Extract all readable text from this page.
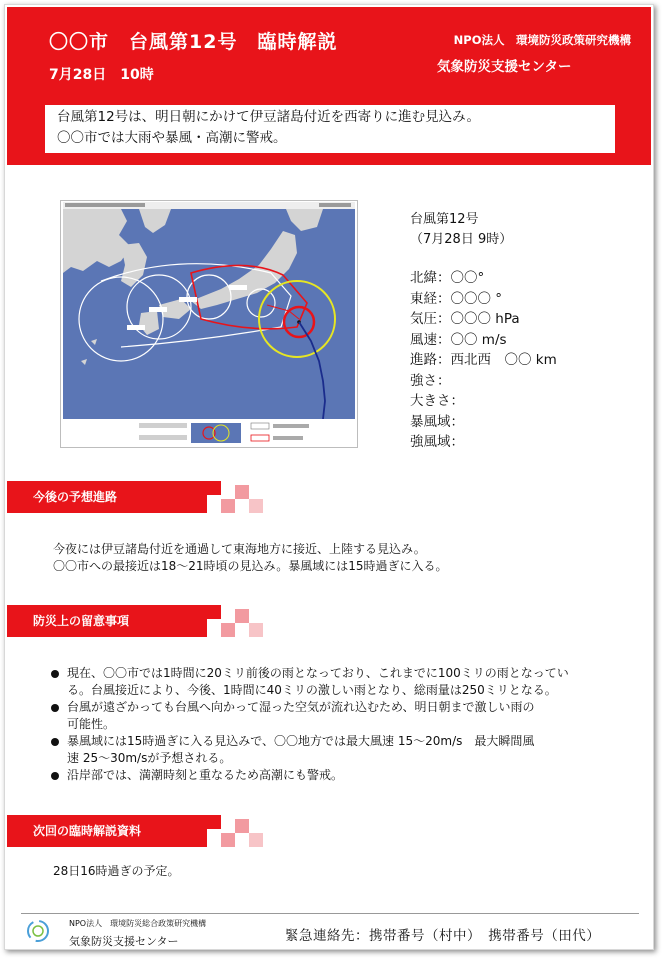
〇〇市　台風第12号　臨時解説
7月28日　10時
NPO法人　環境防災政策研究機構
気象防災支援センター
台風第12号は、明日朝にかけて伊豆諸島付近を西寄りに進む見込み。
〇〇市では大雨や暴風・高潮に警戒。
台風第12号
（7月28日 9時）
北緯：〇〇°
東経：〇〇〇 °
気圧：〇〇〇 hPa
風速：〇〇 m/s
進路：西北西　〇〇 km
強さ：
大きさ：
暴風域：
強風域：
今後の予想進路
今夜には伊豆諸島付近を通過して東海地方に接近、上陸する見込み。
〇〇市への最接近は18～21時頃の見込み。暴風域には15時過ぎに入る。
防災上の留意事項
現在、〇〇市では1時間に20ミリ前後の雨となっており、これまでに100ミリの雨となってい
る。台風接近により、今後、1時間に40ミリの激しい雨となり、総雨量は250ミリとなる。
台風が遠ざかっても台風へ向かって湿った空気が流れ込むため、明日朝まで激しい雨の
可能性。
暴風域には15時過ぎに入る見込みで、〇〇地方では最大風速 15～20m/s　最大瞬間風
速 25～30m/sが予想される。
沿岸部では、満潮時刻と重なるため高潮にも警戒。
次回の臨時解説資料
28日16時過ぎの予定。
NPO法人　環境防災総合政策研究機構
気象防災支援センター	緊急連絡先：携帯番号（村中）　携帯番号（田代）
